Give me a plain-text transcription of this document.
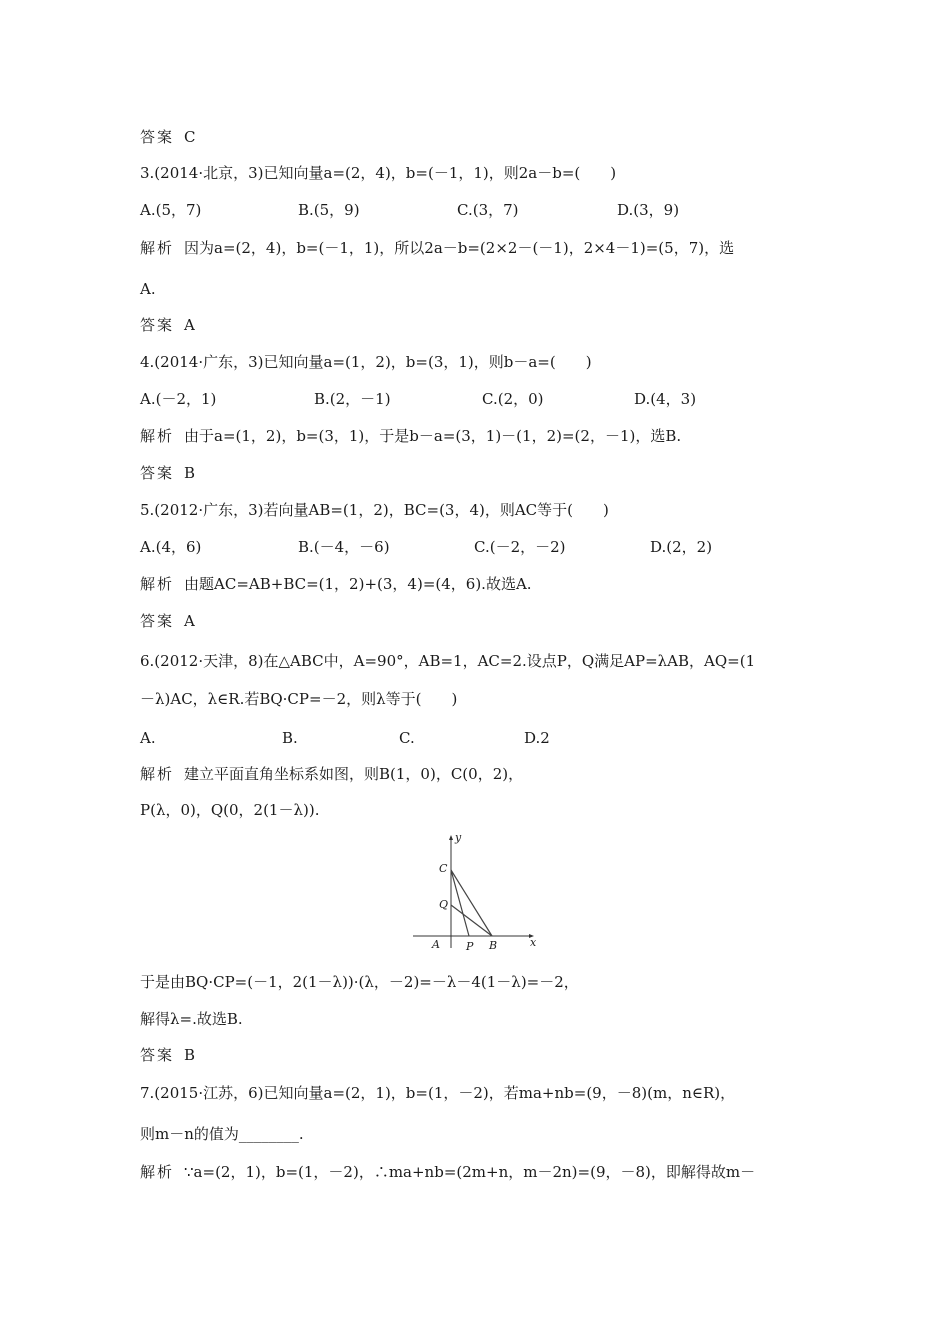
答案 C
3.(2014·北京，3)已知向量a=(2，4)，b=(－1，1)，则2a－b=(　　)
A.(5，7)	B.(5，9)	C.(3，7)	D.(3，9)
解析 因为a=(2，4)，b=(－1，1)，所以2a－b=(2×2－(－1)，2×4－1)=(5，7)，选
A.
答案 A
4.(2014·广东，3)已知向量a=(1，2)，b=(3，1)，则b－a=(　　)
A.(－2，1)	B.(2，－1)	C.(2，0)	D.(4，3)
解析 由于a=(1，2)，b=(3，1)，于是b－a=(3，1)－(1，2)=(2，－1)，选B.
答案 B
5.(2012·广东，3)若向量AB=(1，2)，BC=(3，4)，则AC等于(　　)
A.(4，6)	B.(－4，－6)	C.(－2，－2)	D.(2，2)
解析 由题AC=AB+BC=(1，2)+(3，4)=(4，6).故选A.
答案 A
6.(2012·天津，8)在△ABC中，A=90°，AB=1，AC=2.设点P，Q满足AP=λAB，AQ=(1
－λ)AC，λ∈R.若BQ·CP=－2，则λ等于(　　)
A.	B.	C.	D.2
解析 建立平面直角坐标系如图，则B(1，0)，C(0，2)，
P(λ，0)，Q(0，2(1－λ)).
y
x
C
Q
A P B
于是由BQ·CP=(－1，2(1－λ))·(λ，－2)=－λ－4(1－λ)=－2，
解得λ=.故选B.
答案 B
7.(2015·江苏，6)已知向量a=(2，1)，b=(1，－2)，若ma+nb=(9，－8)(m，n∈R)，
则m－n的值为________.
解析 ∵a=(2，1)，b=(1，－2)，∴ma+nb=(2m+n，m－2n)=(9，－8)，即解得故m－
